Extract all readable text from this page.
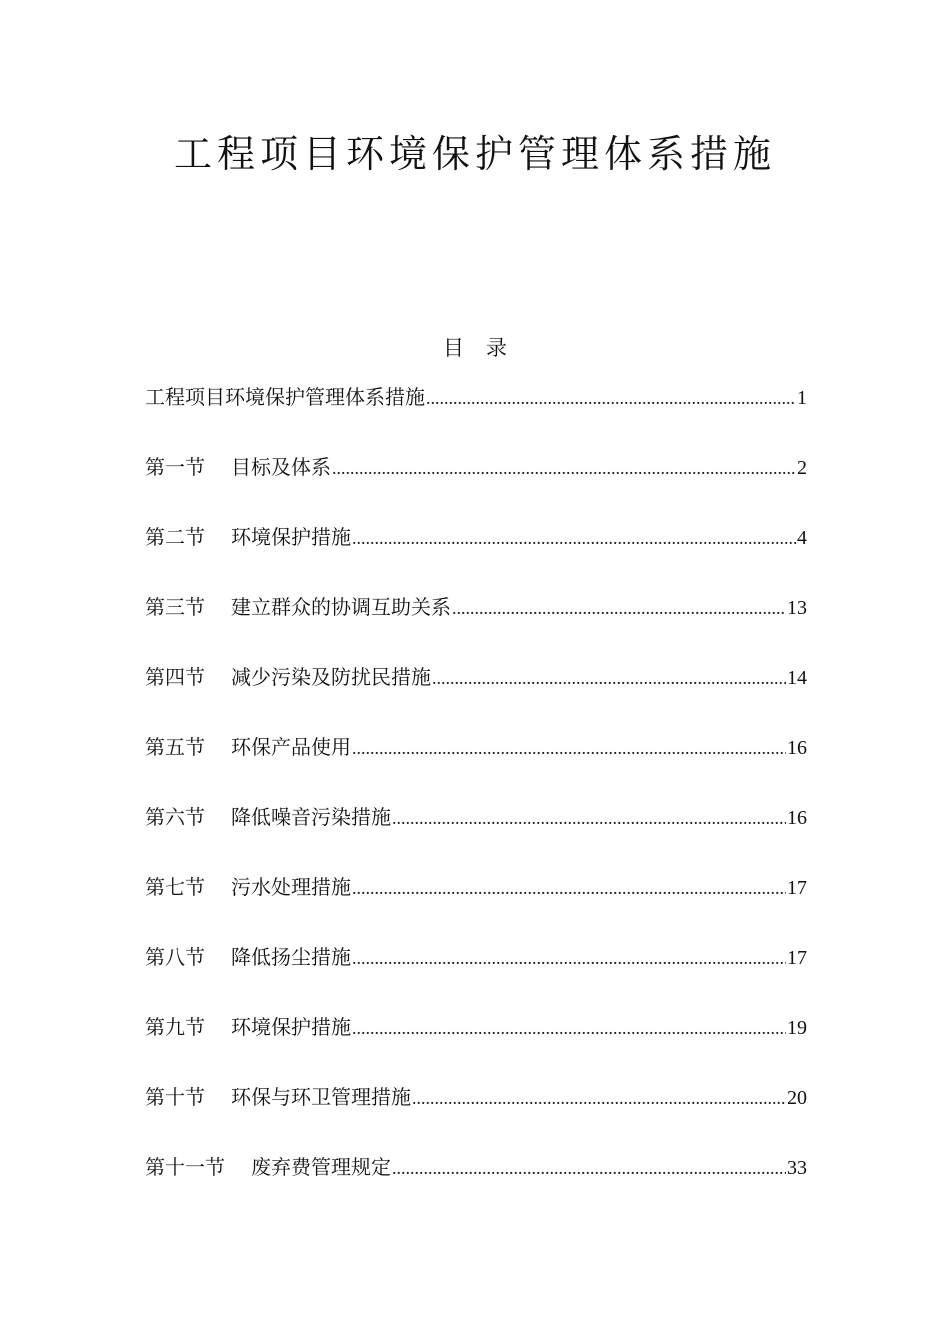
工程项目环境保护管理体系措施
目录
工程项目环境保护管理体系措施 .....	1
第一节 目标及体系 .....	2
第二节 环境保护措施 .....	4
第三节 建立群众的协调互助关系 .....	13
第四节 减少污染及防扰民措施 .....	14
第五节 环保产品使用 .....	16
第六节 降低噪音污染措施 .....	16
第七节 污水处理措施 .....	17
第八节 降低扬尘措施 .....	17
第九节 环境保护措施 .....	19
第十节 环保与环卫管理措施 .....	20
第十一节 废弃费管理规定 .....	33
